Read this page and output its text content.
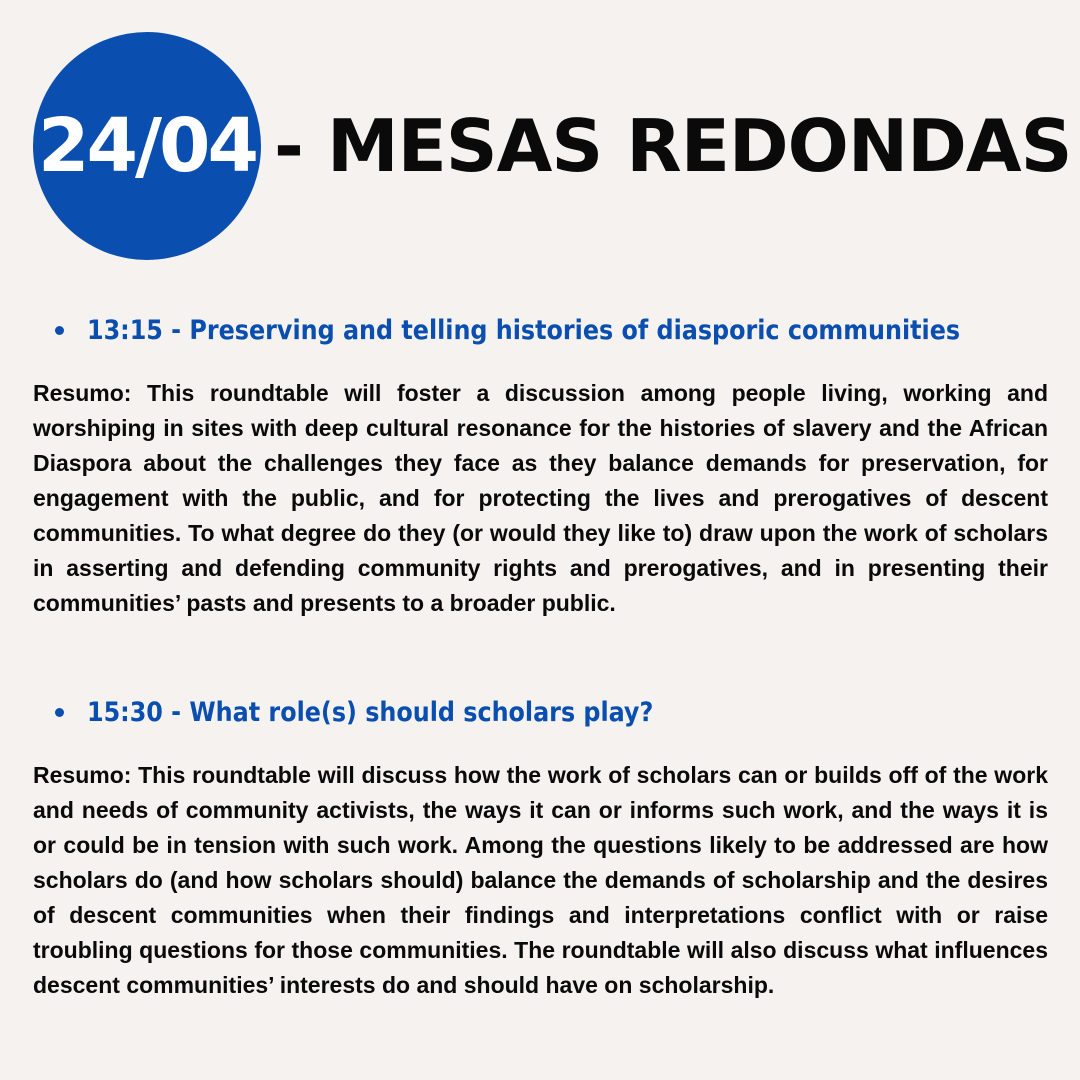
24/04 - MESAS REDONDAS
13:15 - Preserving and telling histories of diasporic communities

Resumo: This roundtable will foster a discussion among people living, working and worshiping in sites with deep cultural resonance for the histories of slavery and the African Diaspora about the challenges they face as they balance demands for preservation, for engagement with the public, and for protecting the lives and prerogatives of descent communities. To what degree do they (or would they like to) draw upon the work of scholars in asserting and defending community rights and prerogatives, and in presenting their communities’ pasts and presents to a broader public.

15:30 - What role(s) should scholars play?

Resumo: This roundtable will discuss how the work of scholars can or builds off of the work and needs of community activists, the ways it can or informs such work, and the ways it is or could be in tension with such work. Among the questions likely to be addressed are how scholars do (and how scholars should) balance the demands of scholarship and the desires of descent communities when their findings and interpretations conflict with or raise troubling questions for those communities. The roundtable will also discuss what influences descent communities’ interests do and should have on scholarship.
